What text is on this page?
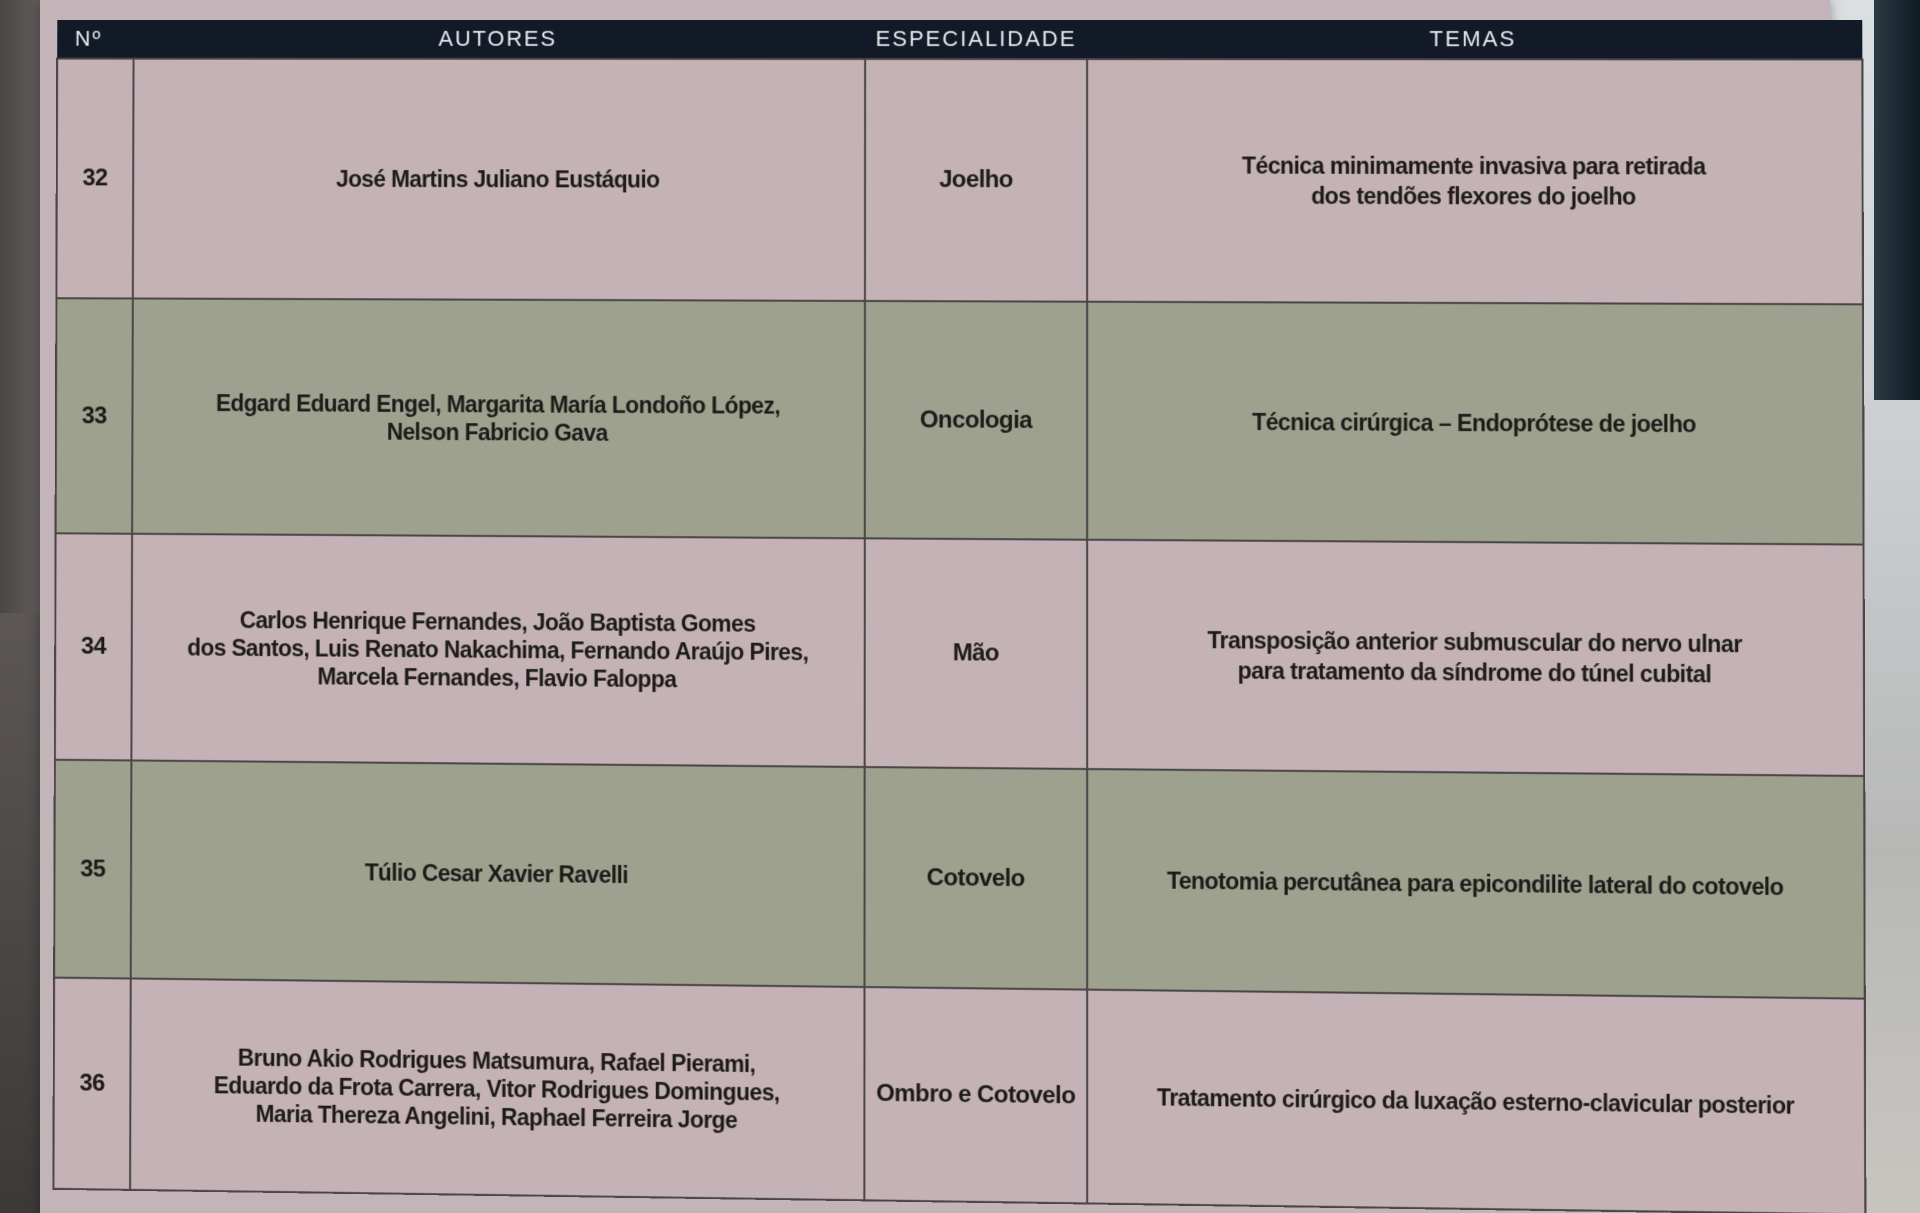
Nº	AUTORES	ESPECIALIDADE	TEMAS
32	José Martins Juliano Eustáquio	Joelho	Técnica minimamente invasiva para retirada
dos tendões flexores do joelho

33	Edgard Eduard Engel, Margarita María Londoño López,
Nelson Fabricio Gava	Oncologia	Técnica cirúrgica – Endoprótese de joelho

34	Carlos Henrique Fernandes, João Baptista Gomes
dos Santos, Luis Renato Nakachima, Fernando Araújo Pires,
Marcela Fernandes, Flavio Faloppa	Mão	Transposição anterior submuscular do nervo ulnar
para tratamento da síndrome do túnel cubital

35	Túlio Cesar Xavier Ravelli	Cotovelo	Tenotomia percutânea para epicondilite lateral do cotovelo

36	Bruno Akio Rodrigues Matsumura, Rafael Pierami,
Eduardo da Frota Carrera, Vitor Rodrigues Domingues,
Maria Thereza Angelini, Raphael Ferreira Jorge	Ombro e Cotovelo	Tratamento cirúrgico da luxação esterno-clavicular posterior
